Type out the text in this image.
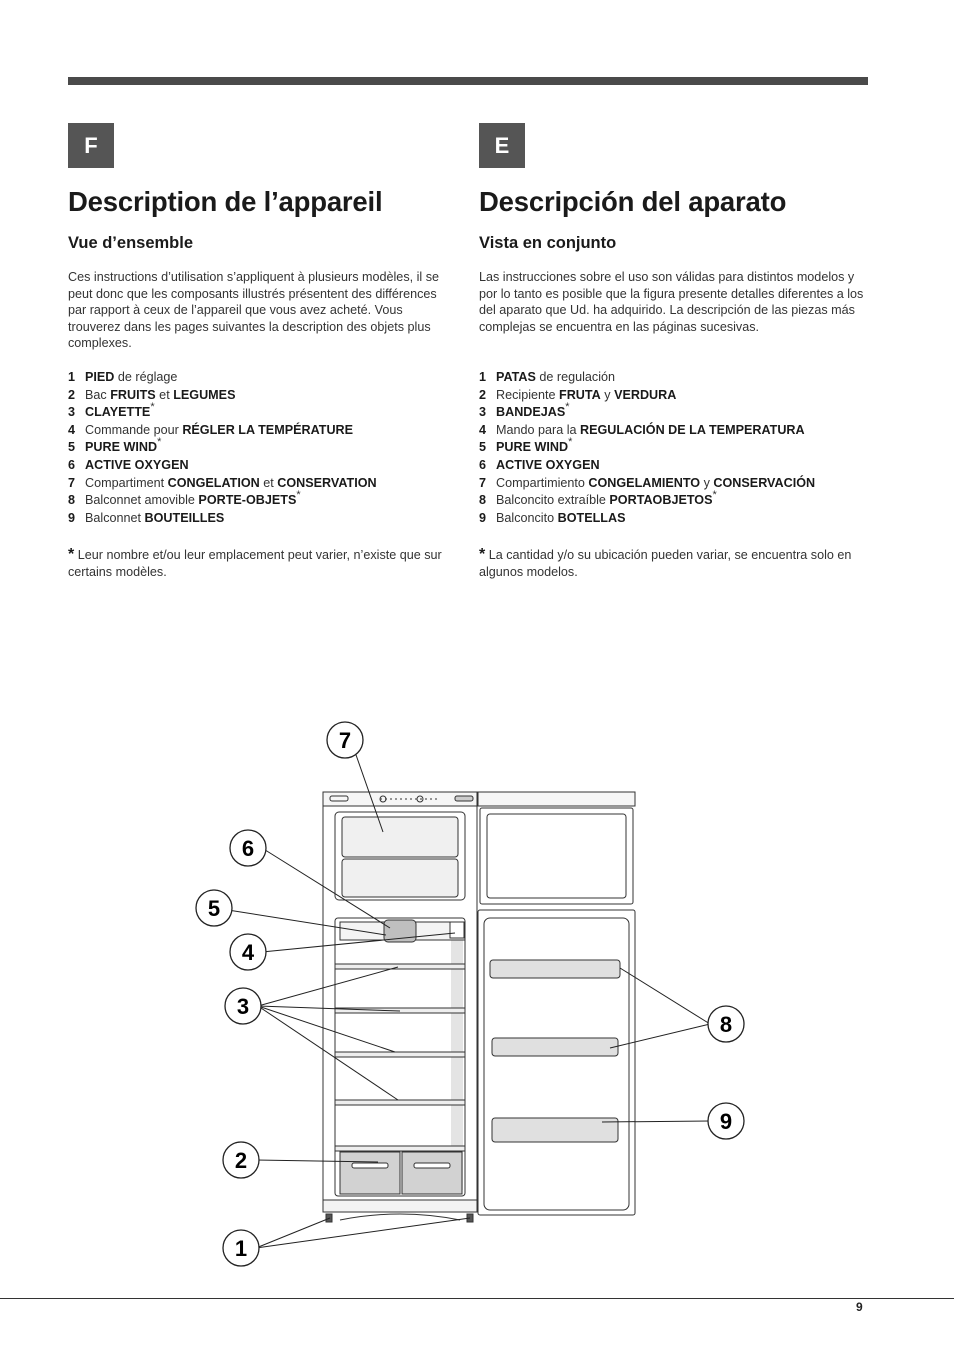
F
Description de l’appareil
Vue d’ensemble

Ces instructions d’utilisation s’appliquent à plusieurs modèles, il se peut donc que les composants illustrés présentent des différences par rapport à ceux de l’appareil que vous avez acheté. Vous trouverez dans les pages suivantes la description des objets plus complexes.

1 PIED de réglage
2 Bac FRUITS et LEGUMES
3 CLAYETTE*
4 Commande pour RÉGLER LA TEMPÉRATURE
5 PURE WIND*
6 ACTIVE OXYGEN
7 Compartiment CONGELATION et CONSERVATION
8 Balconnet amovible PORTE-OBJETS*
9 Balconnet BOUTEILLES

* Leur nombre et/ou leur emplacement peut varier, n’existe que sur certains modèles.

E
Descripción del aparato
Vista en conjunto

Las instrucciones sobre el uso son válidas para distintos modelos y por lo tanto es posible que la figura presente detalles diferentes a los del aparato que Ud. ha adquirido. La descripción de las piezas más complejas se encuentra en las páginas sucesivas.

1 PATAS de regulación
2 Recipiente FRUTA y VERDURA
3 BANDEJAS*
4 Mando para la REGULACIÓN DE LA TEMPERATURA
5 PURE WIND*
6 ACTIVE OXYGEN
7 Compartimiento CONGELAMIENTO y CONSERVACIÓN
8 Balconcito extraíble PORTAOBJETOS*
9 Balconcito BOTELLAS

* La cantidad y/o su ubicación pueden variar, se encuentra solo en algunos modelos.

7
6
5
4
3
2
1
8
9
9
